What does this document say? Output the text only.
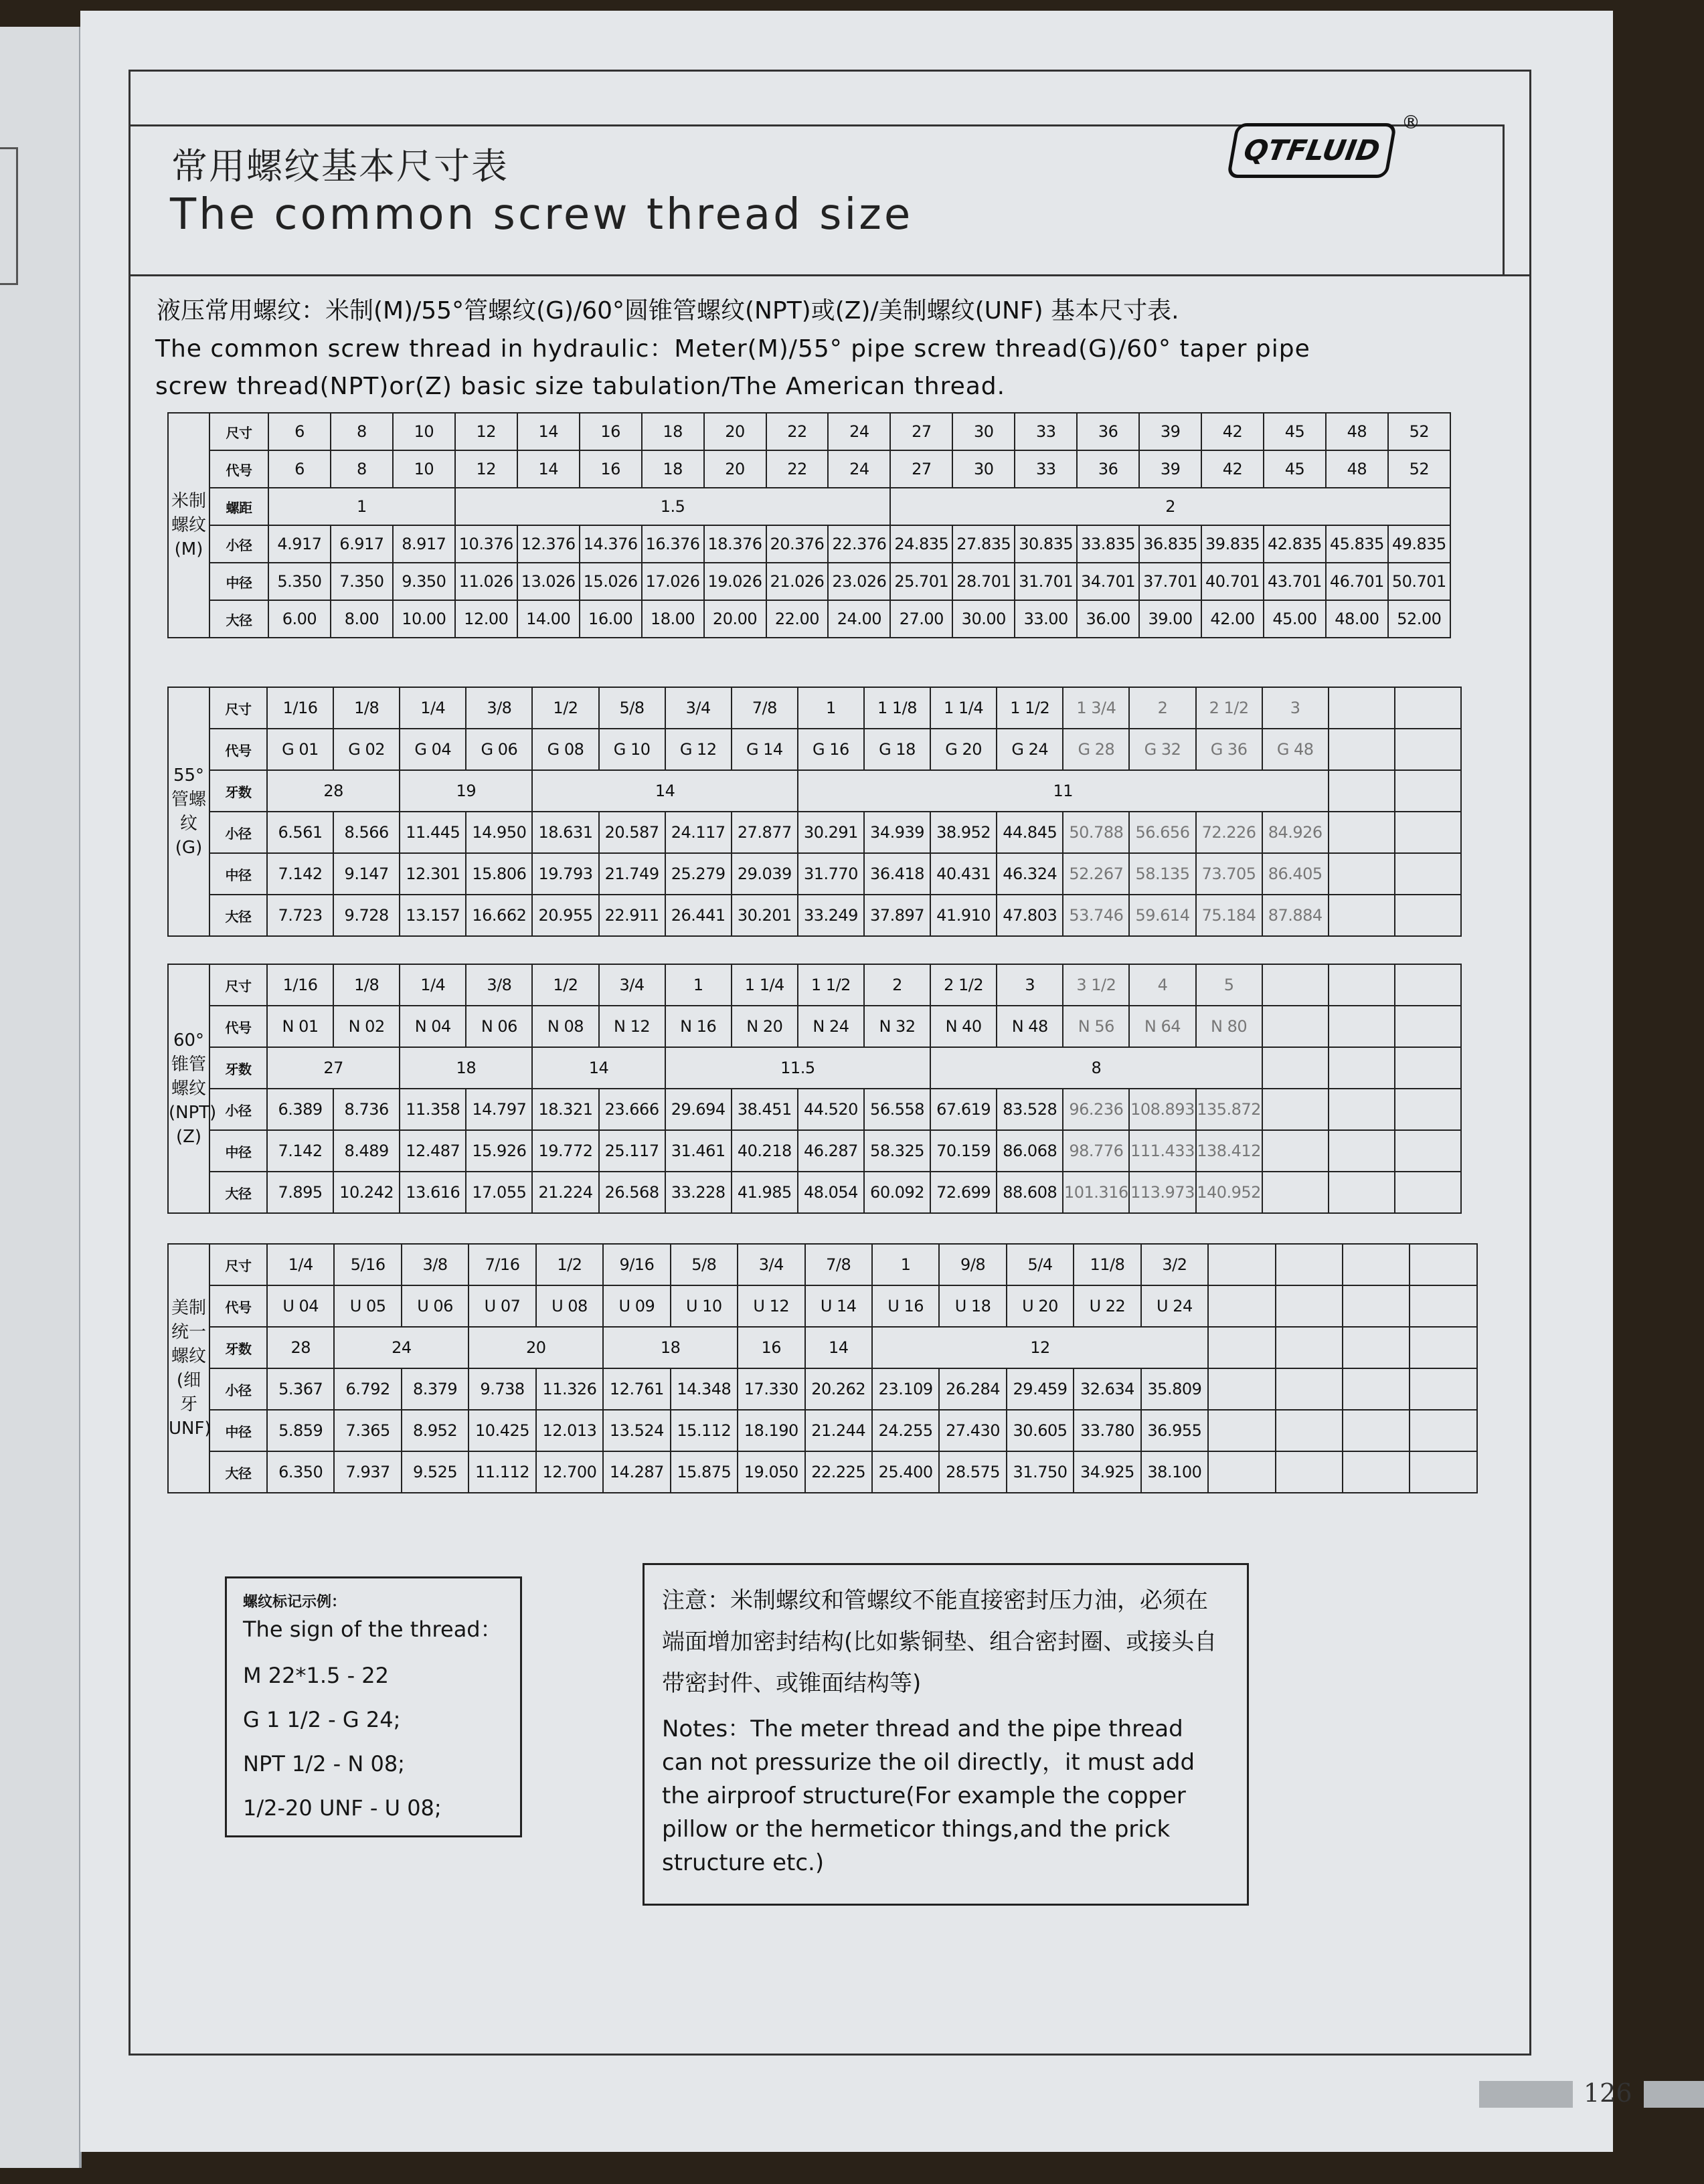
常用螺纹基本尺寸表
The common screw thread size
QTFLUID
®
液压常用螺纹：米制(M)/55°管螺纹(G)/60°圆锥管螺纹(NPT)或(Z)/美制螺纹(UNF) 基本尺寸表.
The common screw thread in hydraulic：Meter(M)/55° pipe screw thread(G)/60° taper pipe screw thread(NPT)or(Z) basic size tabulation/The American thread.
米制螺纹(M)	尺寸	6	8	10	12	14	16	18	20	22	24	27	30	33	36	39	42	45	48	52
	代号	6	8	10	12	14	16	18	20	22	24	27	30	33	36	39	42	45	48	52
	螺距	1			1.5							2								
	小径	4.917	6.917	8.917	10.376	12.376	14.376	16.376	18.376	20.376	22.376	24.835	27.835	30.835	33.835	36.835	39.835	42.835	45.835	49.835
	中径	5.350	7.350	9.350	11.026	13.026	15.026	17.026	19.026	21.026	23.026	25.701	28.701	31.701	34.701	37.701	40.701	43.701	46.701	50.701
	大径	6.00	8.00	10.00	12.00	14.00	16.00	18.00	20.00	22.00	24.00	27.00	30.00	33.00	36.00	39.00	42.00	45.00	48.00	52.00
55°管螺纹(G)	尺寸	1/16	1/8	1/4	3/8	1/2	5/8	3/4	7/8	1	1 1/8	1 1/4	1 1/2	1 3/4	2	2 1/2	3		
	代号	G 01	G 02	G 04	G 06	G 08	G 10	G 12	G 14	G 16	G 18	G 20	G 24	G 28	G 32	G 36	G 48		
	牙数	28		19		14				11									
	小径	6.561	8.566	11.445	14.950	18.631	20.587	24.117	27.877	30.291	34.939	38.952	44.845	50.788	56.656	72.226	84.926		
	中径	7.142	9.147	12.301	15.806	19.793	21.749	25.279	29.039	31.770	36.418	40.431	46.324	52.267	58.135	73.705	86.405		
	大径	7.723	9.728	13.157	16.662	20.955	22.911	26.441	30.201	33.249	37.897	41.910	47.803	53.746	59.614	75.184	87.884		
60°锥管螺纹(NPT)(Z)	尺寸	1/16	1/8	1/4	3/8	1/2	3/4	1	1 1/4	1 1/2	2	2 1/2	3	3 1/2	4	5			
	代号	N 01	N 02	N 04	N 06	N 08	N 12	N 16	N 20	N 24	N 32	N 40	N 48	N 56	N 64	N 80			
	牙数	27		18		14		11.5				8							
	小径	6.389	8.736	11.358	14.797	18.321	23.666	29.694	38.451	44.520	56.558	67.619	83.528	96.236	108.893	135.872			
	中径	7.142	8.489	12.487	15.926	19.772	25.117	31.461	40.218	46.287	58.325	70.159	86.068	98.776	111.433	138.412			
	大径	7.895	10.242	13.616	17.055	21.224	26.568	33.228	41.985	48.054	60.092	72.699	88.608	101.316	113.973	140.952			
美制统一螺纹(细牙UNF)	尺寸	1/4	5/16	3/8	7/16	1/2	9/16	5/8	3/4	7/8	1	9/8	5/4	11/8	3/2				
	代号	U 04	U 05	U 06	U 07	U 08	U 09	U 10	U 12	U 14	U 16	U 18	U 20	U 22	U 24				
	牙数	28	24		20		18		16	14	12								
	小径	5.367	6.792	8.379	9.738	11.326	12.761	14.348	17.330	20.262	23.109	26.284	29.459	32.634	35.809				
	中径	5.859	7.365	8.952	10.425	12.013	13.524	15.112	18.190	21.244	24.255	27.430	30.605	33.780	36.955				
	大径	6.350	7.937	9.525	11.112	12.700	14.287	15.875	19.050	22.225	25.400	28.575	31.750	34.925	38.100				
螺纹标记示例：
The sign of the thread：
M 22*1.5 - 22
G 1 1/2 - G 24;
NPT 1/2 - N 08;
1/2-20 UNF - U 08;
注意：米制螺纹和管螺纹不能直接密封压力油，必须在端面增加密封结构(比如紫铜垫、组合密封圈、或接头自带密封件、或锥面结构等)
Notes：The meter thread and the pipe thread can not pressurize the oil directly，it must add the airproof structure(For example the copper pillow or the hermeticor things,and the prick structure etc.)
126
